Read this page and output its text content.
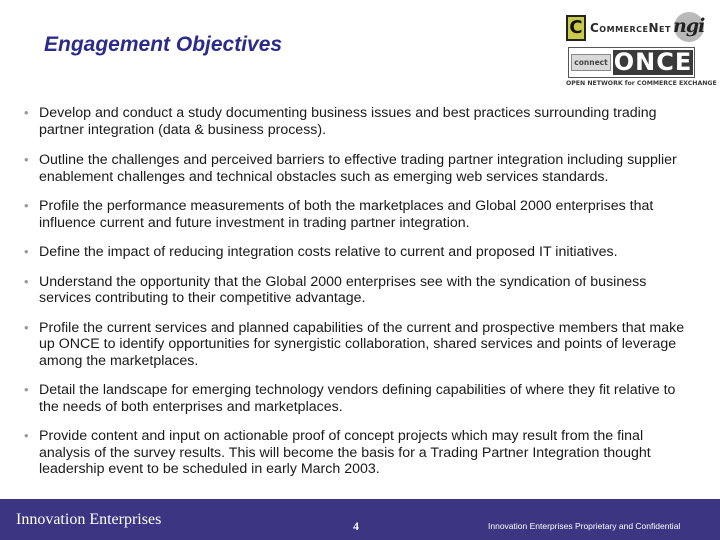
Engagement Objectives
C CommerceNet ngi
connect ONCE
OPEN NETWORK for COMMERCE EXCHANGE
• Develop and conduct a study documenting business issues and best practices surrounding trading partner integration (data & business process).
• Outline the challenges and perceived barriers to effective trading partner integration including supplier enablement challenges and technical obstacles such as emerging web services standards.
• Profile the performance measurements of both the marketplaces and Global 2000 enterprises that influence current and future investment in trading partner integration.
• Define the impact of reducing integration costs relative to current and proposed IT initiatives.
• Understand the opportunity that the Global 2000 enterprises see with the syndication of business services contributing to their competitive advantage.
• Profile the current services and planned capabilities of the current and prospective members that make up ONCE to identify opportunities for synergistic collaboration, shared services and points of leverage among the marketplaces.
• Detail the landscape for emerging technology vendors defining capabilities of where they fit relative to the needs of both enterprises and marketplaces.
• Provide content and input on actionable proof of concept projects which may result from the final analysis of the survey results. This will become the basis for a Trading Partner Integration thought leadership event to be scheduled in early March 2003.
Innovation Enterprises	4	Innovation Enterprises Proprietary and Confidential
